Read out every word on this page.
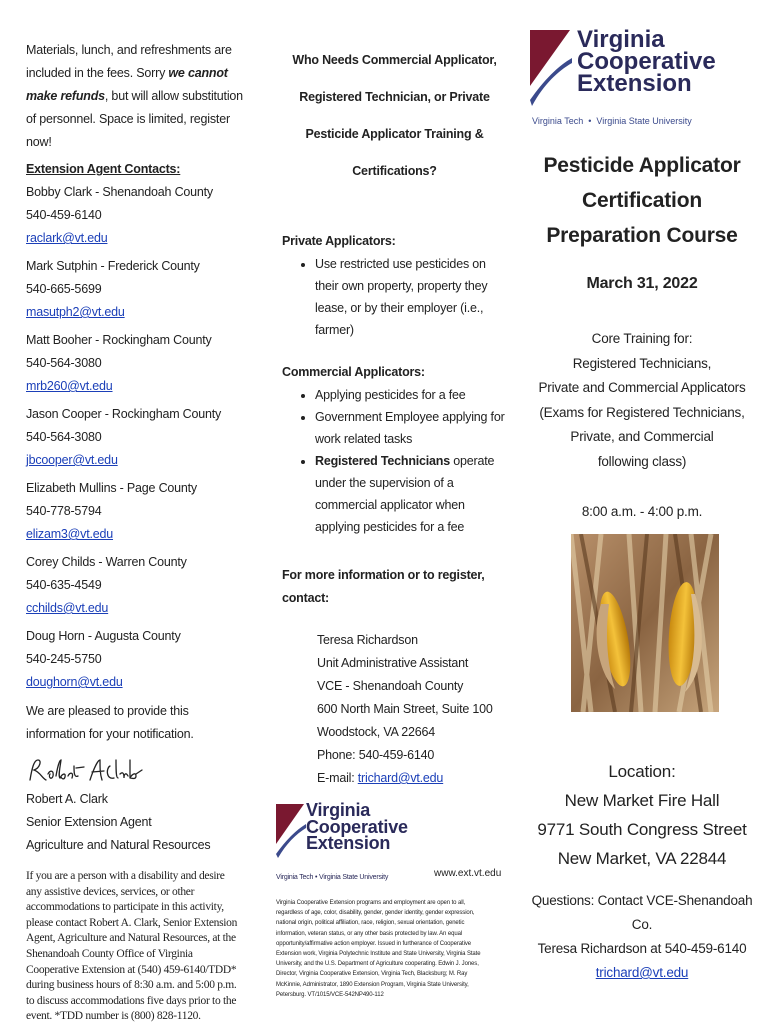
Materials, lunch, and refreshments are included in the fees. Sorry we cannot make refunds, but will allow substitution of personnel. Space is limited, register now!

Extension Agent Contacts:

Bobby Clark - Shenandoah County
540-459-6140
raclark@vt.edu
Mark Sutphin - Frederick County
540-665-5699
masutph2@vt.edu
Matt Booher - Rockingham County
540-564-3080
mrb260@vt.edu
Jason Cooper - Rockingham County
540-564-3080
jbcooper@vt.edu
Elizabeth Mullins - Page County
540-778-5794
elizam3@vt.edu
Corey Childs - Warren County
540-635-4549
cchilds@vt.edu
Doug Horn - Augusta County
540-245-5750
doughorn@vt.edu

We are pleased to provide this information for your notification.

Robert A. Clark

Senior Extension Agent

Agriculture and Natural Resources

If you are a person with a disability and desire any assistive devices, services, or other accommodations to participate in this activity, please contact Robert A. Clark, Senior Extension Agent, Agriculture and Natural Resources, at the Shenandoah County Office of Virginia Cooperative Extension at (540) 459-6140/TDD* during business hours of 8:30 a.m. and 5:00 p.m. to discuss accommodations five days prior to the event. *TDD number is (800) 828-1120.

Who Needs Commercial Applicator, Registered Technician, or Private Pesticide Applicator Training & Certifications?

Private Applicators:

• Use restricted use pesticides on their own property, property they lease, or by their employer (i.e., farmer)

Commercial Applicators:

• Applying pesticides for a fee
• Government Employee applying for work related tasks
• Registered Technicians operate under the supervision of a commercial applicator when applying pesticides for a fee

For more information or to register, contact:

Teresa Richardson
Unit Administrative Assistant
VCE - Shenandoah County
600 North Main Street, Suite 100
Woodstock, VA 22664
Phone: 540-459-6140
E-mail: trichard@vt.edu
Virginia
Cooperative
Extension
Virginia Tech • Virginia State University	www.ext.vt.edu

Virginia Cooperative Extension programs and employment are open to all, regardless of age, color, disability, gender, gender identity, gender expression, national origin, political affiliation, race, religion, sexual orientation, genetic information, veteran status, or any other basis protected by law. An equal opportunity/affirmative action employer. Issued in furtherance of Cooperative Extension work, Virginia Polytechnic Institute and State University, Virginia State University, and the U.S. Department of Agriculture cooperating. Edwin J. Jones, Director, Virginia Cooperative Extension, Virginia Tech, Blacksburg; M. Ray McKinnie, Administrator, 1890 Extension Program, Virginia State University, Petersburg. VT/1015/VCE-542NP490-112

Virginia
Cooperative
Extension
Virginia Tech  •  Virginia State University
Pesticide Applicator Certification Preparation Course
March 31, 2022
Core Training for:
Registered Technicians,
Private and Commercial Applicators
(Exams for Registered Technicians,
Private, and Commercial
following class)
8:00 a.m. - 4:00 p.m.
Location:
New Market Fire Hall
9771 South Congress Street
New Market, VA 22844
Questions: Contact VCE-Shenandoah Co.
Teresa Richardson at 540-459-6140
trichard@vt.edu
